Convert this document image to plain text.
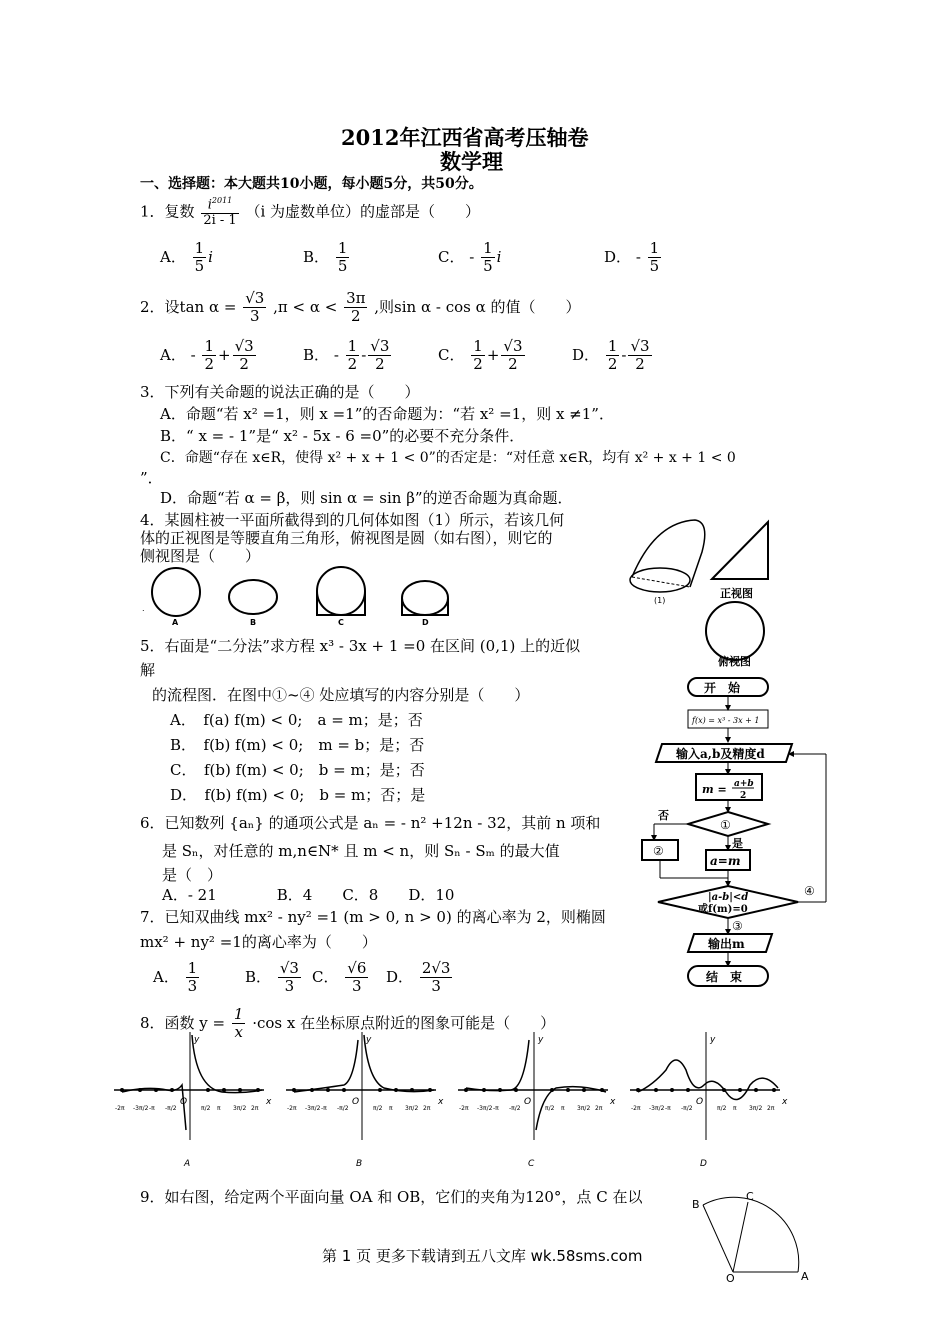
2012年江西省高考压轴卷
数学理
一、选择题：本大题共10小题，每小题5分，共50分。
1．复数 $\frac{i^{2011}}{2i - 1} (i$ 为虚数单位）的虚部是（　　）
A． $\frac{1}{5}$ i	B． $\frac{1}{5}$	C． - $\frac{1}{5}$ i	D． - $\frac{1}{5}$
2．设$\tan \alpha = \frac{√3}{3} ,\pi < \alpha < \frac{3\pi}{2}$ ,则sin α - cos α 的值（　　）
A． - $\frac{1}{2} + \frac{√3}{2}$	B． - $\frac{1}{2} - \frac{√3}{2}$	C． $\frac{1}{2} + \frac{√3}{2}$	D． $\frac{1}{2} - \frac{√3}{2}$
3．下列有关命题的说法正确的是（　　）
A．命题“若 x² =1，则 x =1”的否命题为：“若 x² =1，则 x ≠1”．
B．“ x = - 1”是“ x² - 5x - 6 =0”的必要不充分条件．
C．命题“存在 x∈R，使得 x² + x + 1 < 0”的否定是：“对任意 x∈R，均有 x² + x + 1 < 0
”．
D．命题“若 α = β，则 sin α = sin β”的逆否命题为真命题．
4．某圆柱被一平面所截得到的几何体如图（1）所示，若该几何
体的正视图是等腰直角三角形，俯视图是圆（如右图），则它的
侧视图是（　　）
A
.
B	C	D
(1)
正视图
俯视图
5．右面是“二分法”求方程 x³ - 3x + 1 =0 在区间 (0,1) 上的近似
解
的流程图．在图中①~④ 处应填写的内容分别是（　　）
A．　f(a) f(m) < 0;　a = m；是；否
B．　f(b) f(m) < 0;　m = b；是；否
C．　f(b) f(m) < 0;　b = m；是；否
D．　f(b) f(m) < 0;　b = m；否；是
开　始
f(x) = x³ - 3x + 1
输入a,b及精度d
m = a+b
2
①
否
②
是
a=m
|a-b|<d
或f(m)=0
④
③
输出m
结　束
6．已知数列 {aₙ} 的通项公式是 aₙ = - n² +12n - 32，其前 n 项和
是 Sₙ，对任意的 m,n∈N* 且 m < n，则 Sₙ - Sₘ 的最大值
是（　）
A．- 21　　　　B．4　　C．8　　D．10
7．已知双曲线 mx² - ny² =1 (m > 0, n > 0) 的离心率为 2，则椭圆
mx² + ny² =1的离心率为（　　）
A． $\frac{1}{3}$	B． $\frac{√3}{3}$ C． $\frac{√6}{3}$ D． $\frac{2√3}{3}$
8．函数 $y = \frac{1}{x} \cdot\cos$ x 在坐标原点附近的图象可能是（　　）
-2π -3π/2 -π -π/2	π/2 π 3π/2 2π
x
y
O
A
-2π -3π/2 -π -π/2	π/2 π 3π/2 2π
x
y
O
B
-2π -3π/2 -π -π/2	π/2 π 3π/2 2π
x
y
O
C
-2π -3π/2 -π -π/2	π/2 π 3π/2 2π
x
y
O
D
9．如右图，给定两个平面向量 OA 和 OB，它们的夹角为120°，点 C 在以	B
C
O	A
第 1 页 更多下载请到五八文库 wk.58sms.com
